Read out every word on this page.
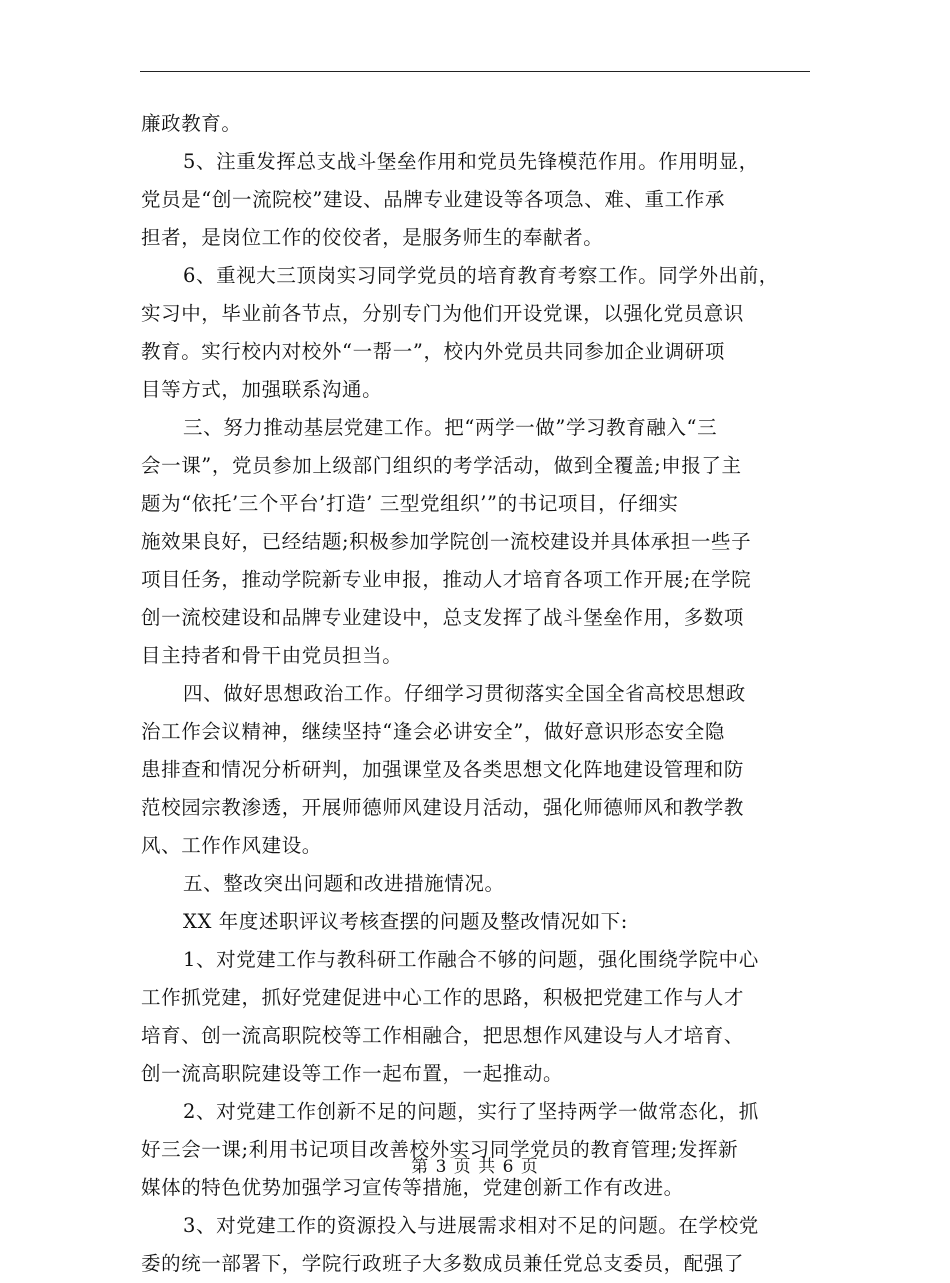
廉政教育。
5、注重发挥总支战斗堡垒作用和党员先锋模范作用。作用明显，
党员是“创一流院校”建设、品牌专业建设等各项急、难、重工作承
担者，是岗位工作的佼佼者，是服务师生的奉献者。
6、重视大三顶岗实习同学党员的培育教育考察工作。同学外出前，
实习中，毕业前各节点，分别专门为他们开设党课，以强化党员意识
教育。实行校内对校外“一帮一”，校内外党员共同参加企业调研项
目等方式，加强联系沟通。
三、努力推动基层党建工作。把“两学一做”学习教育融入“三
会一课”，党员参加上级部门组织的考学活动，做到全覆盖;申报了主
题为“依托’三个平台’打造’ 三型党组织’”的书记项目，仔细实
施效果良好，已经结题;积极参加学院创一流校建设并具体承担一些子
项目任务，推动学院新专业申报，推动人才培育各项工作开展;在学院
创一流校建设和品牌专业建设中，总支发挥了战斗堡垒作用，多数项
目主持者和骨干由党员担当。
四、做好思想政治工作。仔细学习贯彻落实全国全省高校思想政
治工作会议精神，继续坚持“逢会必讲安全”，做好意识形态安全隐
患排查和情况分析研判，加强课堂及各类思想文化阵地建设管理和防
范校园宗教渗透，开展师德师风建设月活动，强化师德师风和教学教
风、工作作风建设。
五、整改突出问题和改进措施情况。
XX 年度述职评议考核查摆的问题及整改情况如下:
1、对党建工作与教科研工作融合不够的问题，强化围绕学院中心
工作抓党建，抓好党建促进中心工作的思路，积极把党建工作与人才
培育、创一流高职院校等工作相融合，把思想作风建设与人才培育、
创一流高职院建设等工作一起布置，一起推动。
2、对党建工作创新不足的问题，实行了坚持两学一做常态化，抓
好三会一课;利用书记项目改善校外实习同学党员的教育管理;发挥新
媒体的特色优势加强学习宣传等措施，党建创新工作有改进。
3、对党建工作的资源投入与进展需求相对不足的问题。在学校党
委的统一部署下，学院行政班子大多数成员兼任党总支委员，配强了
第 3 页 共 6 页
